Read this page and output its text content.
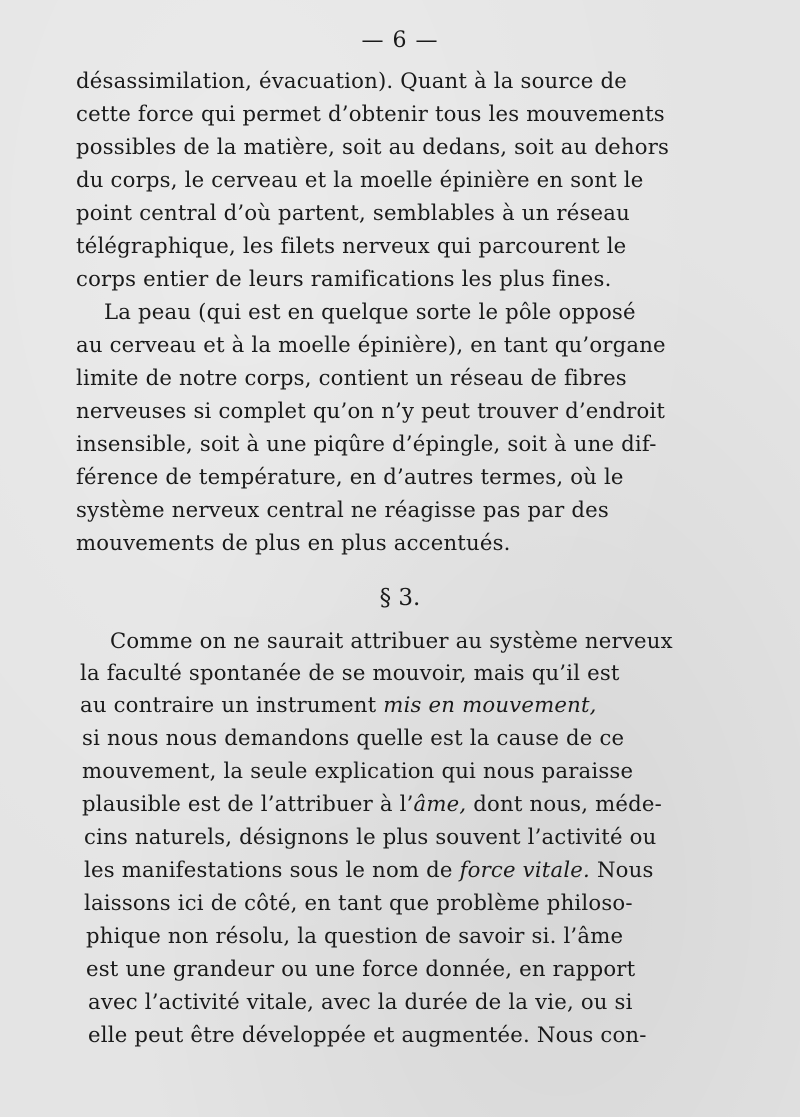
— 6 —
désassimilation, évacuation). Quant à la source de
cette force qui permet d’obtenir tous les mouvements
possibles de la matière, soit au dedans, soit au dehors
du corps, le cerveau et la moelle épinière en sont le
point central d’où partent, semblables à un réseau
télégraphique, les filets nerveux qui parcourent le
corps entier de leurs ramifications les plus fines.
La peau (qui est en quelque sorte le pôle opposé
au cerveau et à la moelle épinière), en tant qu’organe
limite de notre corps, contient un réseau de fibres
nerveuses si complet qu’on n’y peut trouver d’endroit
insensible, soit à une piqûre d’épingle, soit à une dif-
férence de température, en d’autres termes, où le
système nerveux central ne réagisse pas par des
mouvements de plus en plus accentués.
§ 3.
Comme on ne saurait attribuer au système nerveux
la faculté spontanée de se mouvoir, mais qu’il est
au contraire un instrument mis en mouvement,
si nous nous demandons quelle est la cause de ce
mouvement, la seule explication qui nous paraisse
plausible est de l’attribuer à l’âme, dont nous, méde-
cins naturels, désignons le plus souvent l’activité ou
les manifestations sous le nom de force vitale. Nous
laissons ici de côté, en tant que problème philoso-
phique non résolu, la question de savoir si. l’âme
est une grandeur ou une force donnée, en rapport
avec l’activité vitale, avec la durée de la vie, ou si
elle peut être développée et augmentée. Nous con-
